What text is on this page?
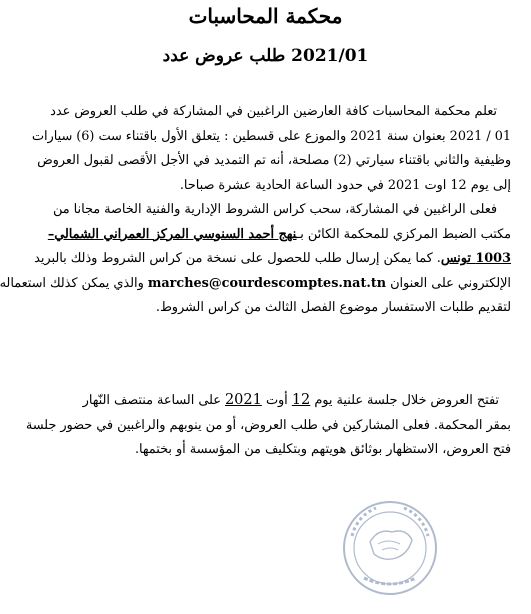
محكمة المحاسبات
طلب عروض عدد 2021/01
تعلم محكمة المحاسبات كافة العارضين الراغبين في المشاركة في طلب العروض عدد
01 / 2021 بعنوان سنة 2021 والموزع على قسطين : يتعلق الأول باقتناء ست (6) سيارات
وظيفية والثاني باقتناء سيارتي (2) مصلحة، أنه تم التمديد في الأجل الأقصى لقبول العروض
إلى يوم 12 اوت 2021 في حدود الساعة الحادية عشرة صباحا.
فعلى الراغبين في المشاركة، سحب كراس الشروط الإدارية والفنية الخاصة مجانا من
مكتب الضبط المركزي للمحكمة الكائن بـنهج أحمد السنوسي المركز العمراني الشمالي–
1003 تونس. كما يمكن إرسال طلب للحصول على نسخة من كراس الشروط وذلك بالبريد
الإلكتروني على العنوان marches@courdescomptes.nat.tn والذي يمكن كذلك استعماله
لتقديم طلبات الاستفسار موضوع الفصل الثالث من كراس الشروط.
تفتح العروض خلال جلسة علنية يوم 12 أوت 2021 على الساعة منتصف النّهار
بمقر المحكمة. فعلى المشاركين في طلب العروض، أو من ينوبهم والراغبين في حضور جلسة
فتح العروض، الاستظهار بوثائق هويتهم وبتكليف من المؤسسة أو بختمها.
